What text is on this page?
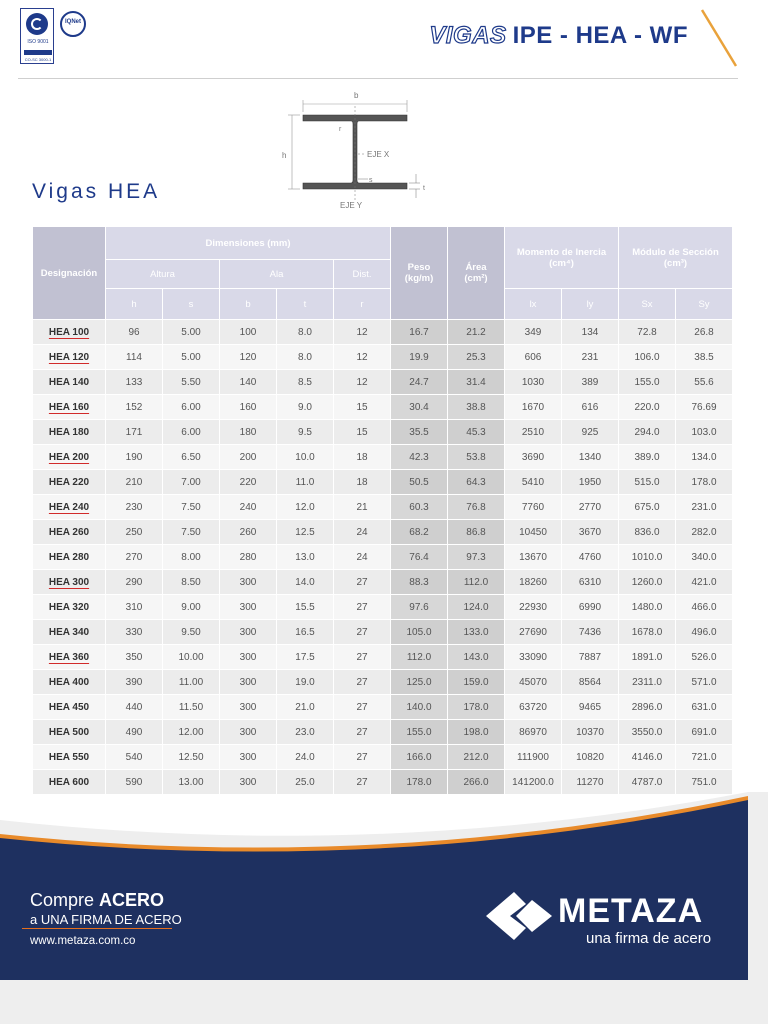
ISO 9001
CO-SC 3000-1
IQNet	VIGAS IPE - HEA - WF
b
h
r
EJE X
EJE Y
s
t
Vigas HEA
Designación	Dimensiones (mm)					Peso (kg/m)	Área (cm²)	Momento de Inercia (cm⁴)		Módulo de Sección (cm³)	
	Altura		Ala		Dist.						
	h	s	b	t	r			lx	ly	Sx	Sy
HEA 100	96	5.00	100	8.0	12	16.7	21.2	349	134	72.8	26.8
HEA 120	114	5.00	120	8.0	12	19.9	25.3	606	231	106.0	38.5
HEA 140	133	5.50	140	8.5	12	24.7	31.4	1030	389	155.0	55.6
HEA 160	152	6.00	160	9.0	15	30.4	38.8	1670	616	220.0	76.69
HEA 180	171	6.00	180	9.5	15	35.5	45.3	2510	925	294.0	103.0
HEA 200	190	6.50	200	10.0	18	42.3	53.8	3690	1340	389.0	134.0
HEA 220	210	7.00	220	11.0	18	50.5	64.3	5410	1950	515.0	178.0
HEA 240	230	7.50	240	12.0	21	60.3	76.8	7760	2770	675.0	231.0
HEA 260	250	7.50	260	12.5	24	68.2	86.8	10450	3670	836.0	282.0
HEA 280	270	8.00	280	13.0	24	76.4	97.3	13670	4760	1010.0	340.0
HEA 300	290	8.50	300	14.0	27	88.3	112.0	18260	6310	1260.0	421.0
HEA 320	310	9.00	300	15.5	27	97.6	124.0	22930	6990	1480.0	466.0
HEA 340	330	9.50	300	16.5	27	105.0	133.0	27690	7436	1678.0	496.0
HEA 360	350	10.00	300	17.5	27	112.0	143.0	33090	7887	1891.0	526.0
HEA 400	390	11.00	300	19.0	27	125.0	159.0	45070	8564	2311.0	571.0
HEA 450	440	11.50	300	21.0	27	140.0	178.0	63720	9465	2896.0	631.0
HEA 500	490	12.00	300	23.0	27	155.0	198.0	86970	10370	3550.0	691.0
HEA 550	540	12.50	300	24.0	27	166.0	212.0	111900	10820	4146.0	721.0
HEA 600	590	13.00	300	25.0	27	178.0	266.0	141200.0	11270	4787.0	751.0
Compre ACERO
a UNA FIRMA DE ACERO
www.metaza.com.co
METAZA
una firma de acero
